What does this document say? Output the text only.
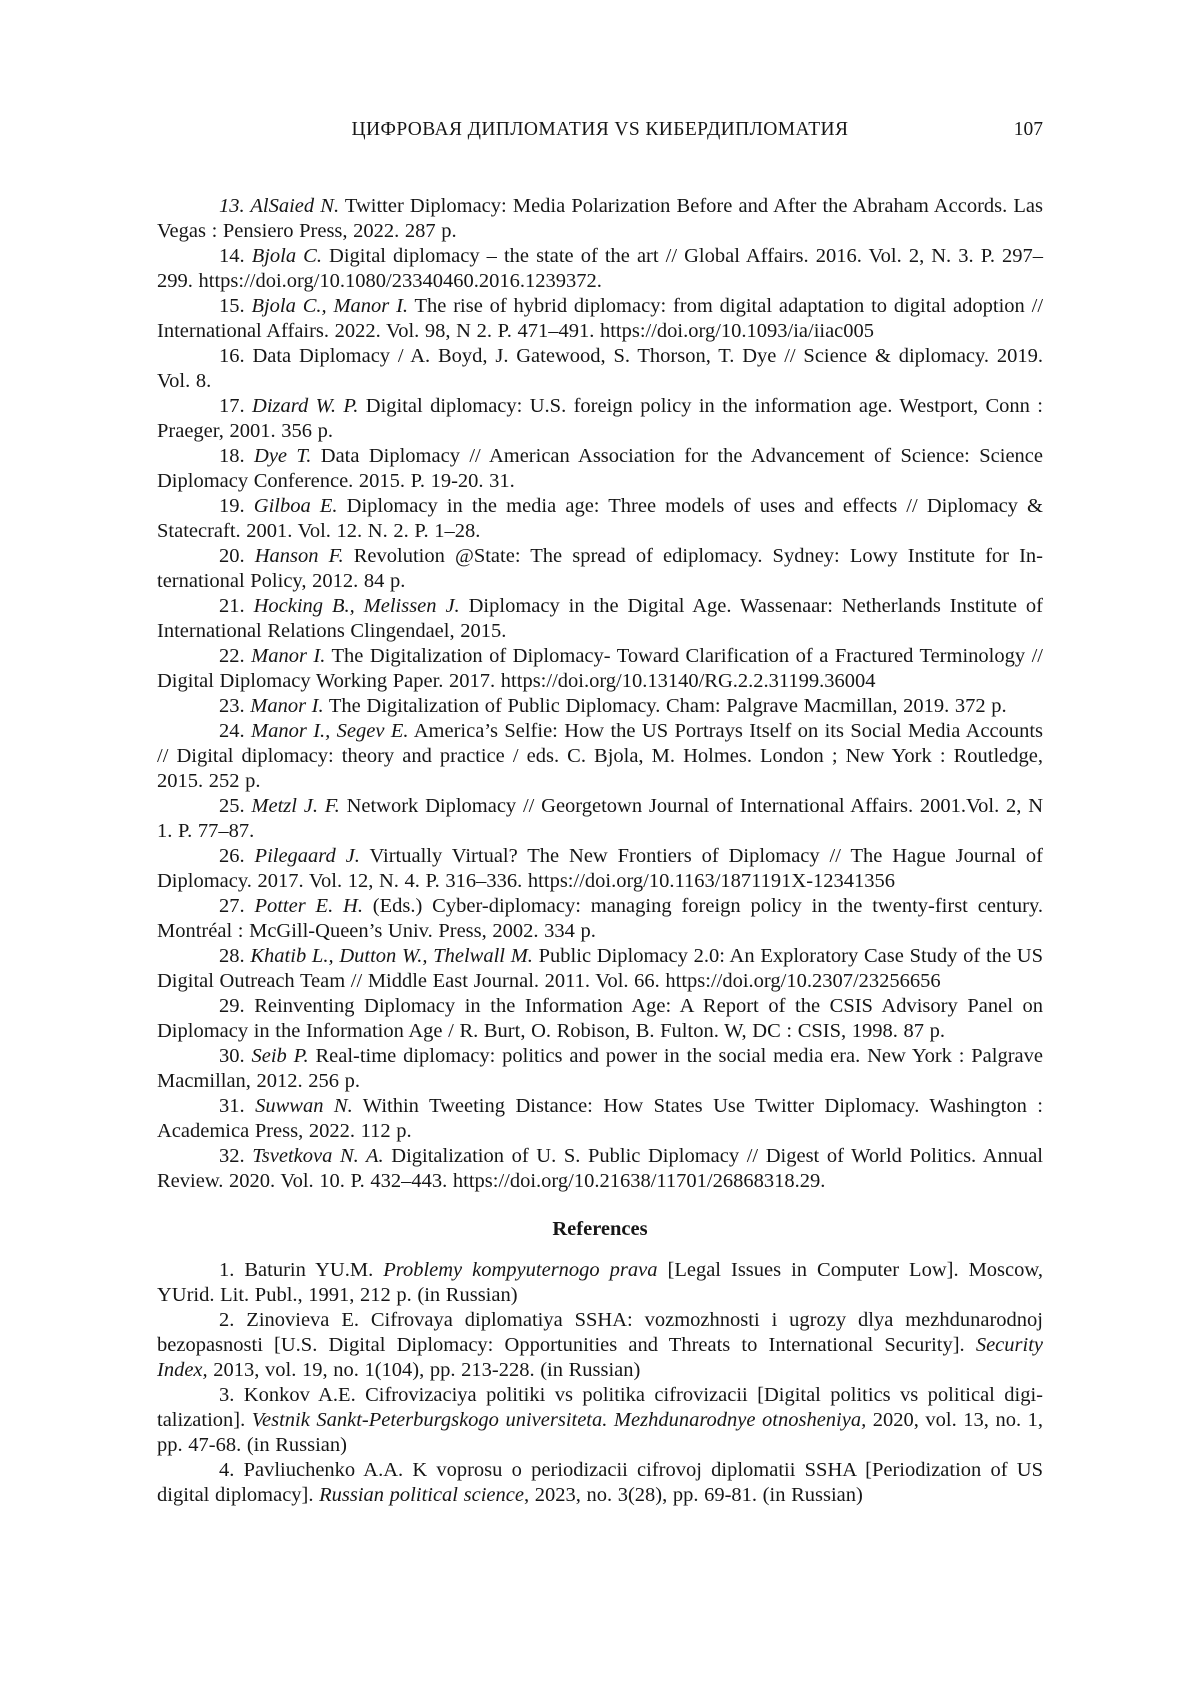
ЦИФРОВАЯ ДИПЛОМАТИЯ VS КИБЕРДИПЛОМАТИЯ	107

13. AlSaied N. Twitter Diplomacy: Media Polarization Before and After the Abraham Accords. Las Vegas : Pensiero Press, 2022. 287 p.

14. Bjola C. Digital diplomacy – the state of the art // Global Affairs. 2016. Vol. 2, N. 3. P. 297–299. https://doi.org/10.1080/23340460.2016.1239372.

15. Bjola C., Manor I. The rise of hybrid diplomacy: from digital adaptation to digital adoption // International Affairs. 2022. Vol. 98, N 2. P. 471–491. https://doi.org/10.1093/ia/iiac005

16. Data Diplomacy / A. Boyd, J. Gatewood, S. Thorson, T. Dye // Science & diplomacy. 2019. Vol. 8.

17. Dizard W. P. Digital diplomacy: U.S. foreign policy in the information age. Westport, Conn : Praeger, 2001. 356 p.

18. Dye T. Data Diplomacy // American Association for the Advancement of Science: Science Diplomacy Conference. 2015. P. 19-20. 31.

19. Gilboa E. Diplomacy in the media age: Three models of uses and effects // Diplomacy & Statecraft. 2001. Vol. 12. N. 2. P. 1–28.

20. Hanson F. Revolution @State: The spread of ediplomacy. Sydney: Lowy Institute for International Policy, 2012. 84 p.

21. Hocking B., Melissen J. Diplomacy in the Digital Age. Wassenaar: Netherlands Institute of International Relations Clingendael, 2015.

22. Manor I. The Digitalization of Diplomacy- Toward Clarification of a Fractured Terminology // Digital Diplomacy Working Paper. 2017. https://doi.org/10.13140/RG.2.2.31199.36004

23. Manor I. The Digitalization of Public Diplomacy. Cham: Palgrave Macmillan, 2019. 372 p.

24. Manor I., Segev E. America’s Selfie: How the US Portrays Itself on its Social Media Accounts // Digital diplomacy: theory and practice / eds. C. Bjola, M. Holmes. London ; New York : Routledge, 2015. 252 p.

25. Metzl J. F. Network Diplomacy // Georgetown Journal of International Affairs. 2001.Vol. 2, N 1. P. 77–87.

26. Pilegaard J. Virtually Virtual? The New Frontiers of Diplomacy // The Hague Journal of Diplomacy. 2017. Vol. 12, N. 4. P. 316–336. https://doi.org/10.1163/1871191X-12341356

27. Potter E. H. (Eds.) Cyber-diplomacy: managing foreign policy in the twenty-first century. Montréal : McGill-Queen’s Univ. Press, 2002. 334 p.

28. Khatib L., Dutton W., Thelwall M. Public Diplomacy 2.0: An Exploratory Case Study of the US Digital Outreach Team // Middle East Journal. 2011. Vol. 66. https://doi.org/10.2307/23256656

29. Reinventing Diplomacy in the Information Age: A Report of the CSIS Advisory Panel on Diplomacy in the Information Age / R. Burt, O. Robison, B. Fulton. W, DC : CSIS, 1998. 87 p.

30. Seib P. Real-time diplomacy: politics and power in the social media era. New York : Palgrave Macmillan, 2012. 256 p.

31. Suwwan N. Within Tweeting Distance: How States Use Twitter Diplomacy. Washington : Academica Press, 2022. 112 p.

32. Tsvetkova N. A. Digitalization of U. S. Public Diplomacy // Digest of World Politics. Annual Review. 2020. Vol. 10. P. 432–443. https://doi.org/10.21638/11701/26868318.29.

References

1. Baturin YU.M. Problemy kompyuternogo prava [Legal Issues in Computer Low]. Moscow, YUrid. Lit. Publ., 1991, 212 p. (in Russian)

2. Zinovieva E. Cifrovaya diplomatiya SSHA: vozmozhnosti i ugrozy dlya mezhdunarodnoj bezopasnosti [U.S. Digital Diplomacy: Opportunities and Threats to International Security]. Security Index, 2013, vol. 19, no. 1(104), pp. 213-228. (in Russian)

3. Konkov A.E. Cifrovizaciya politiki vs politika cifrovizacii [Digital politics vs political digitalization]. Vestnik Sankt-Peterburgskogo universiteta. Mezhdunarodnye otnosheniya, 2020, vol. 13, no. 1, pp. 47-68. (in Russian)

4. Pavliuchenko A.A. K voprosu o periodizacii cifrovoj diplomatii SSHA [Periodization of US digital diplomacy]. Russian political science, 2023, no. 3(28), pp. 69-81. (in Russian)
